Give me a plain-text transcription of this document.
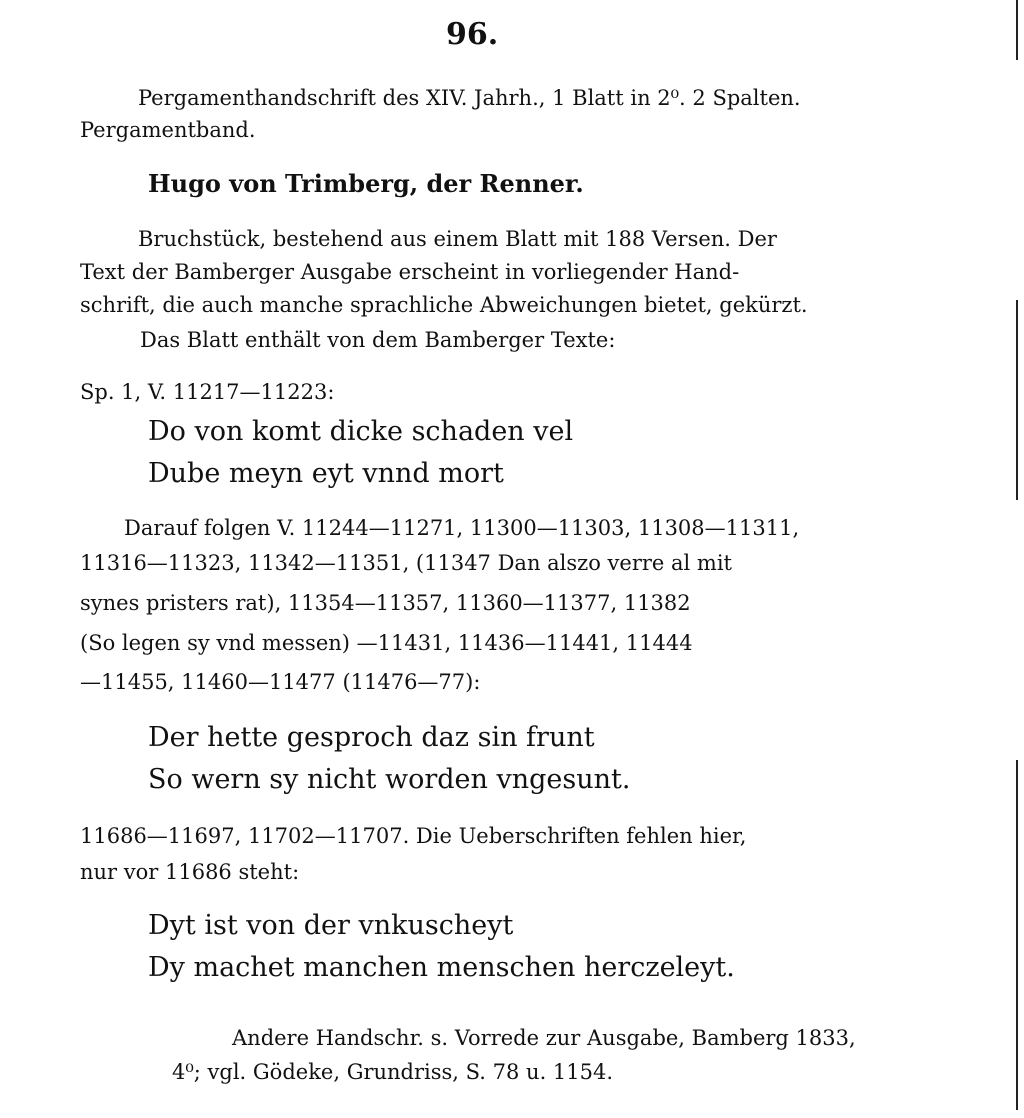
96.
Pergamenthandschrift des XIV. Jahrh., 1 Blatt in 2⁰. 2 Spalten.
Pergamentband.
Hugo von Trimberg, der Renner.
Bruchstück, bestehend aus einem Blatt mit 188 Versen. Der
Text der Bamberger Ausgabe erscheint in vorliegender Hand-
schrift, die auch manche sprachliche Abweichungen bietet, gekürzt.
Das Blatt enthält von dem Bamberger Texte:
Sp. 1, V. 11217—11223:
Do von komt dicke schaden vel
Dube meyn eyt vnnd mort
Darauf folgen V. 11244—11271, 11300—11303, 11308—11311,
11316—11323, 11342—11351, (11347 Dan alszo verre al mit
synes pristers rat), 11354—11357, 11360—11377, 11382
(So legen sy vnd messen) —11431, 11436—11441, 11444
—11455, 11460—11477 (11476—77):
Der hette gesproch daz sin frunt
So wern sy nicht worden vngesunt.
11686—11697, 11702—11707. Die Ueberschriften fehlen hier,
nur vor 11686 steht:
Dyt ist von der vnkuscheyt
Dy machet manchen menschen herczeleyt.
Andere Handschr. s. Vorrede zur Ausgabe, Bamberg 1833,
4⁰; vgl. Gödeke, Grundriss, S. 78 u. 1154.
